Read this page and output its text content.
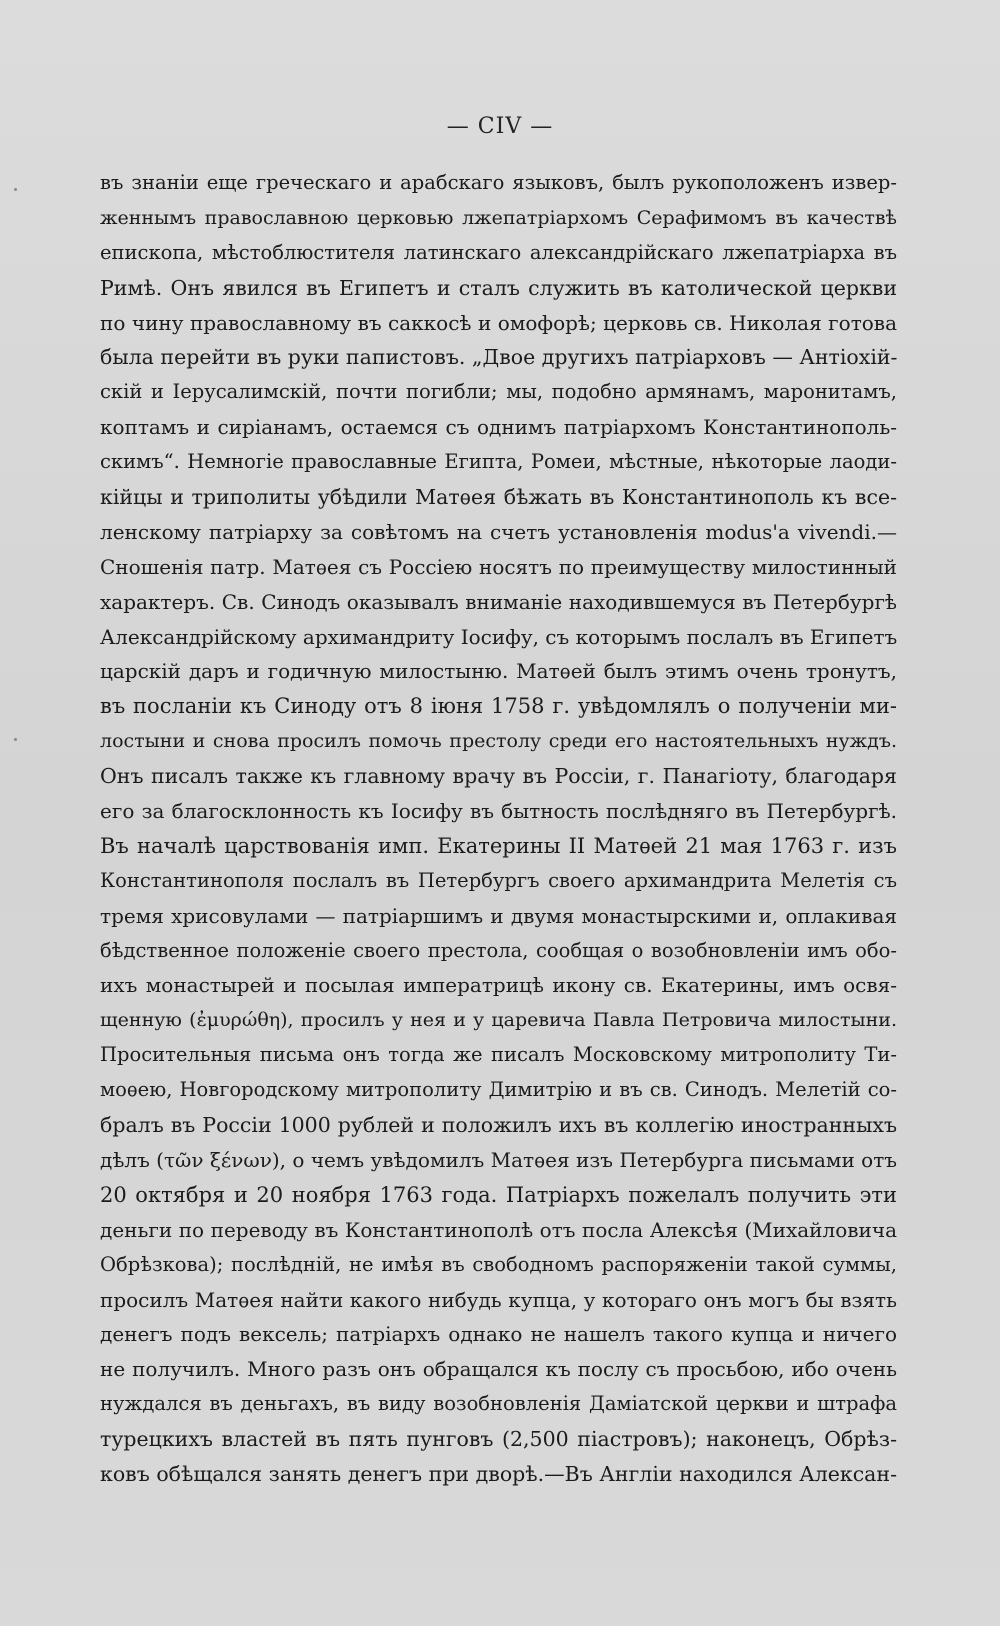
— CIV —
въ знаніи еще греческаго и арабскаго языковъ, былъ рукоположенъ извер-
женнымъ православною церковью лжепатріархомъ Серафимомъ въ качествѣ
епископа, мѣстоблюстителя латинскаго александрійскаго лжепатріарха въ
Римѣ. Онъ явился въ Египетъ и сталъ служить въ католической церкви
по чину православному въ саккосѣ и омофорѣ; церковь св. Николая готова
была перейти въ руки папистовъ. „Двое другихъ патріарховъ — Антіохій-
скій и Іерусалимскій, почти погибли; мы, подобно армянамъ, маронитамъ,
коптамъ и сиріанамъ, остаемся съ однимъ патріархомъ Константинополь-
скимъ“. Немногіе православные Египта, Ромеи, мѣстные, нѣкоторые лаоди-
кійцы и триполиты убѣдили Матѳея бѣжать въ Константинополь къ все-
ленскому патріарху за совѣтомъ на счетъ установленія modus'a vivendi.—
Сношенія патр. Матѳея съ Россіею носятъ по преимуществу милостинный
характеръ. Св. Синодъ оказывалъ вниманіе находившемуся въ Петербургѣ
Александрійскому архимандриту Іосифу, съ которымъ послалъ въ Египетъ
царскій даръ и годичную милостыню. Матѳей былъ этимъ очень тронутъ,
въ посланіи къ Синоду отъ 8 іюня 1758 г. увѣдомлялъ о полученіи ми-
лостыни и снова просилъ помочь престолу среди его настоятельныхъ нуждъ.
Онъ писалъ также къ главному врачу въ Россіи, г. Панагіоту, благодаря
его за благосклонность къ Іосифу въ бытность послѣдняго въ Петербургѣ.
Въ началѣ царствованія имп. Екатерины II Матѳей 21 мая 1763 г. изъ
Константинополя послалъ въ Петербургъ своего архимандрита Мелетія съ
тремя хрисовулами — патріаршимъ и двумя монастырскими и, оплакивая
бѣдственное положеніе своего престола, сообщая о возобновленіи имъ обо-
ихъ монастырей и посылая императрицѣ икону св. Екатерины, имъ освя-
щенную (ἐμυρώθη), просилъ у нея и у царевича Павла Петровича милостыни.
Просительныя письма онъ тогда же писалъ Московскому митрополиту Ти-
моѳею, Новгородскому митрополиту Димитрію и въ св. Синодъ. Мелетій со-
бралъ въ Россіи 1000 рублей и положилъ ихъ въ коллегію иностранныхъ
дѣлъ (τῶν ξένων), о чемъ увѣдомилъ Матѳея изъ Петербурга письмами отъ
20 октября и 20 ноября 1763 года. Патріархъ пожелалъ получить эти
деньги по переводу въ Константинополѣ отъ посла Алексѣя (Михайловича
Обрѣзкова); послѣдній, не имѣя въ свободномъ распоряженіи такой суммы,
просилъ Матѳея найти какого нибудь купца, у котораго онъ могъ бы взять
денегъ подъ вексель; патріархъ однако не нашелъ такого купца и ничего
не получилъ. Много разъ онъ обращался къ послу съ просьбою, ибо очень
нуждался въ деньгахъ, въ виду возобновленія Даміатской церкви и штрафа
турецкихъ властей въ пять пунговъ (2,500 піастровъ); наконецъ, Обрѣз-
ковъ обѣщался занять денегъ при дворѣ.—Въ Англіи находился Алексан-
